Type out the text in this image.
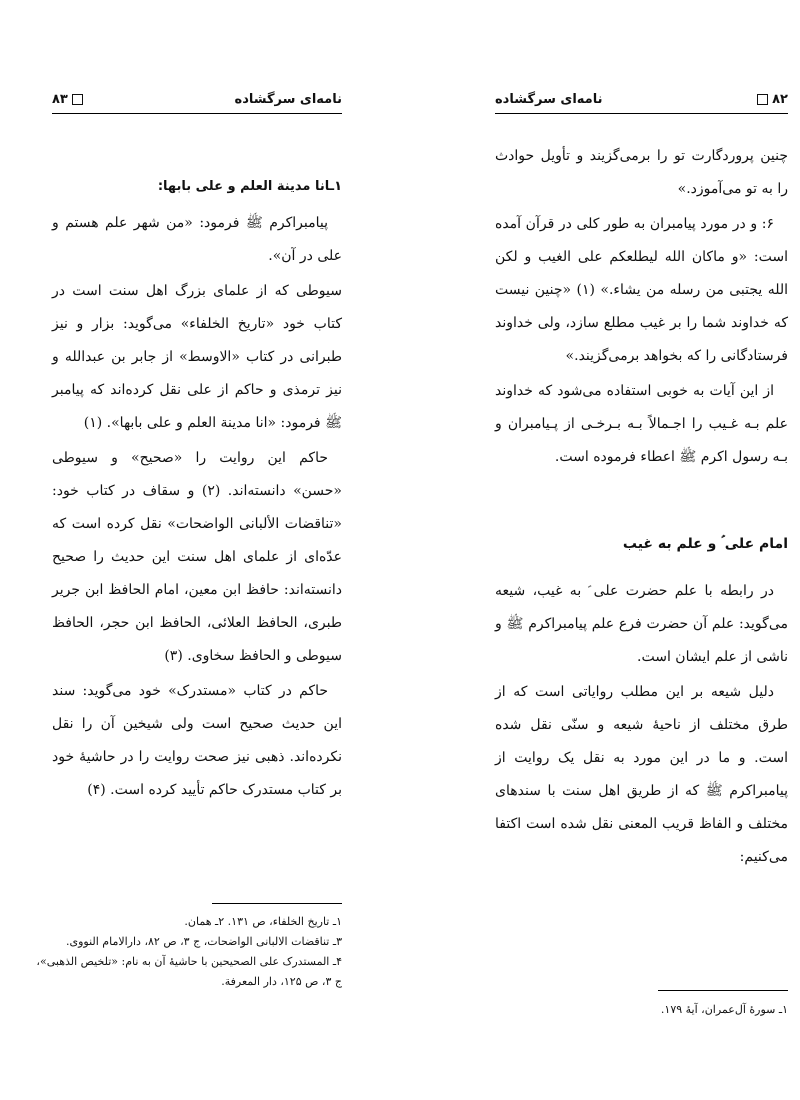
نامه‌ای سرگشاده
۸۳
۱ـانا مدینة العلم و علی بابها:

پیامبراکرم ﷺ فرمود: «من شهر علم هستم و علی در آن».

سیوطی که از علمای بزرگ اهل سنت است در کتاب خود «تاریخ الخلفاء» می‌گوید: بزار و نیز طبرانی در کتاب «الاوسط» از جابر بن عبدالله و نیز ترمذی و حاکم از علی نقل کرده‌اند که پیامبر ﷺ فرمود: «انا مدینة العلم و علی بابها». (۱)

حاکم این روایت را «صحیح» و سیوطی «حسن» دانسته‌اند. (۲) و سقاف در کتاب خود: «تناقضات الألبانی الواضحات» نقل کرده است که عدّه‌ای از علمای اهل سنت این حدیث را صحیح دانسته‌اند: حافظ ابن معین، امام الحافظ ابن جریر طبری، الحافظ العلائی، الحافظ ابن حجر، الحافظ سیوطی و الحافظ سخاوی. (۳)

حاکم در کتاب «مستدرک» خود می‌گوید: سند این حدیث صحیح است ولی شیخین آن را نقل نکرده‌اند. ذهبی نیز صحت روایت را در حاشیهٔ خود بر کتاب مستدرک حاکم تأیید کرده است. (۴)

۱ـ تاریخ الخلفاء، ص ۱۳۱. ۲ـ همان.
۳ـ تناقضات الالبانی الواضحات، ج ۳، ص ۸۲، دارالامام النووی.
۴ـ المستدرک علی الصحیحین با حاشیهٔ آن به نام: «تلخیص الذهبی»،
ج ۳، ص ۱۲۵، دار المعرفة.
۸۲
نامه‌ای سرگشاده

چنین پروردگارت تو را برمی‌گزیند و تأویل حوادث را به تو می‌آموزد.»

۶: و در مورد پیامبران به طور کلی در قرآن آمده است: «و ماکان الله لیطلعکم علی الغیب و لکن الله یجتبی من رسله من یشاء.» (۱) «چنین نیست که خداوند شما را بر غیب مطلع سازد، ولی خداوند فرستادگانی را که بخواهد برمی‌گزیند.»

از این آیات به خوبی استفاده می‌شود که خداوند علم بـه غـیب را اجـمالاً بـه بـرخـی از پـیامبران و بـه رسول اکرم ﷺ اعطاء فرموده است.

امام علی ؑ و علم به غیب

در رابطه با علم حضرت علی ؑ به غیب، شیعه می‌گوید: علم آن حضرت فرع علم پیامبراکرم ﷺ و ناشی از علم ایشان است.

دلیل شیعه بر این مطلب روایاتی است که از طرق مختلف از ناحیهٔ شیعه و سنّی نقل شده است. و ما در این مورد به نقل یک روایت از پیامبراکرم ﷺ که از طریق اهل سنت با سندهای مختلف و الفاظ قریب المعنی نقل شده است اکتفا می‌کنیم:

۱ـ سورهٔ آل‌عمران، آیهٔ ۱۷۹.
